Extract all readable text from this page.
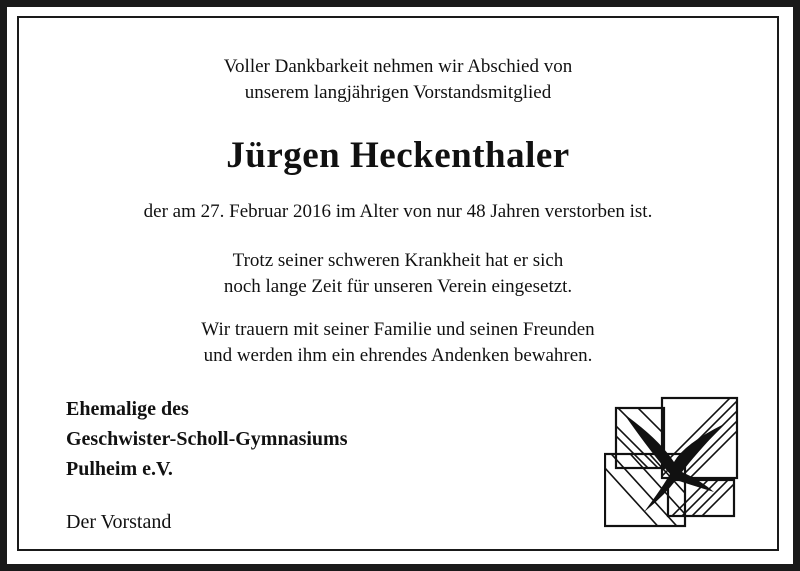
Voller Dankbarkeit nehmen wir Abschied von
unserem langjährigen Vorstandsmitglied
Jürgen Heckenthaler
der am 27. Februar 2016 im Alter von nur 48 Jahren verstorben ist.
Trotz seiner schweren Krankheit hat er sich
noch lange Zeit für unseren Verein eingesetzt.
Wir trauern mit seiner Familie und seinen Freunden
und werden ihm ein ehrendes Andenken bewahren.
Ehemalige des
Geschwister-Scholl-Gymnasiums
Pulheim e.V.
Der Vorstand
